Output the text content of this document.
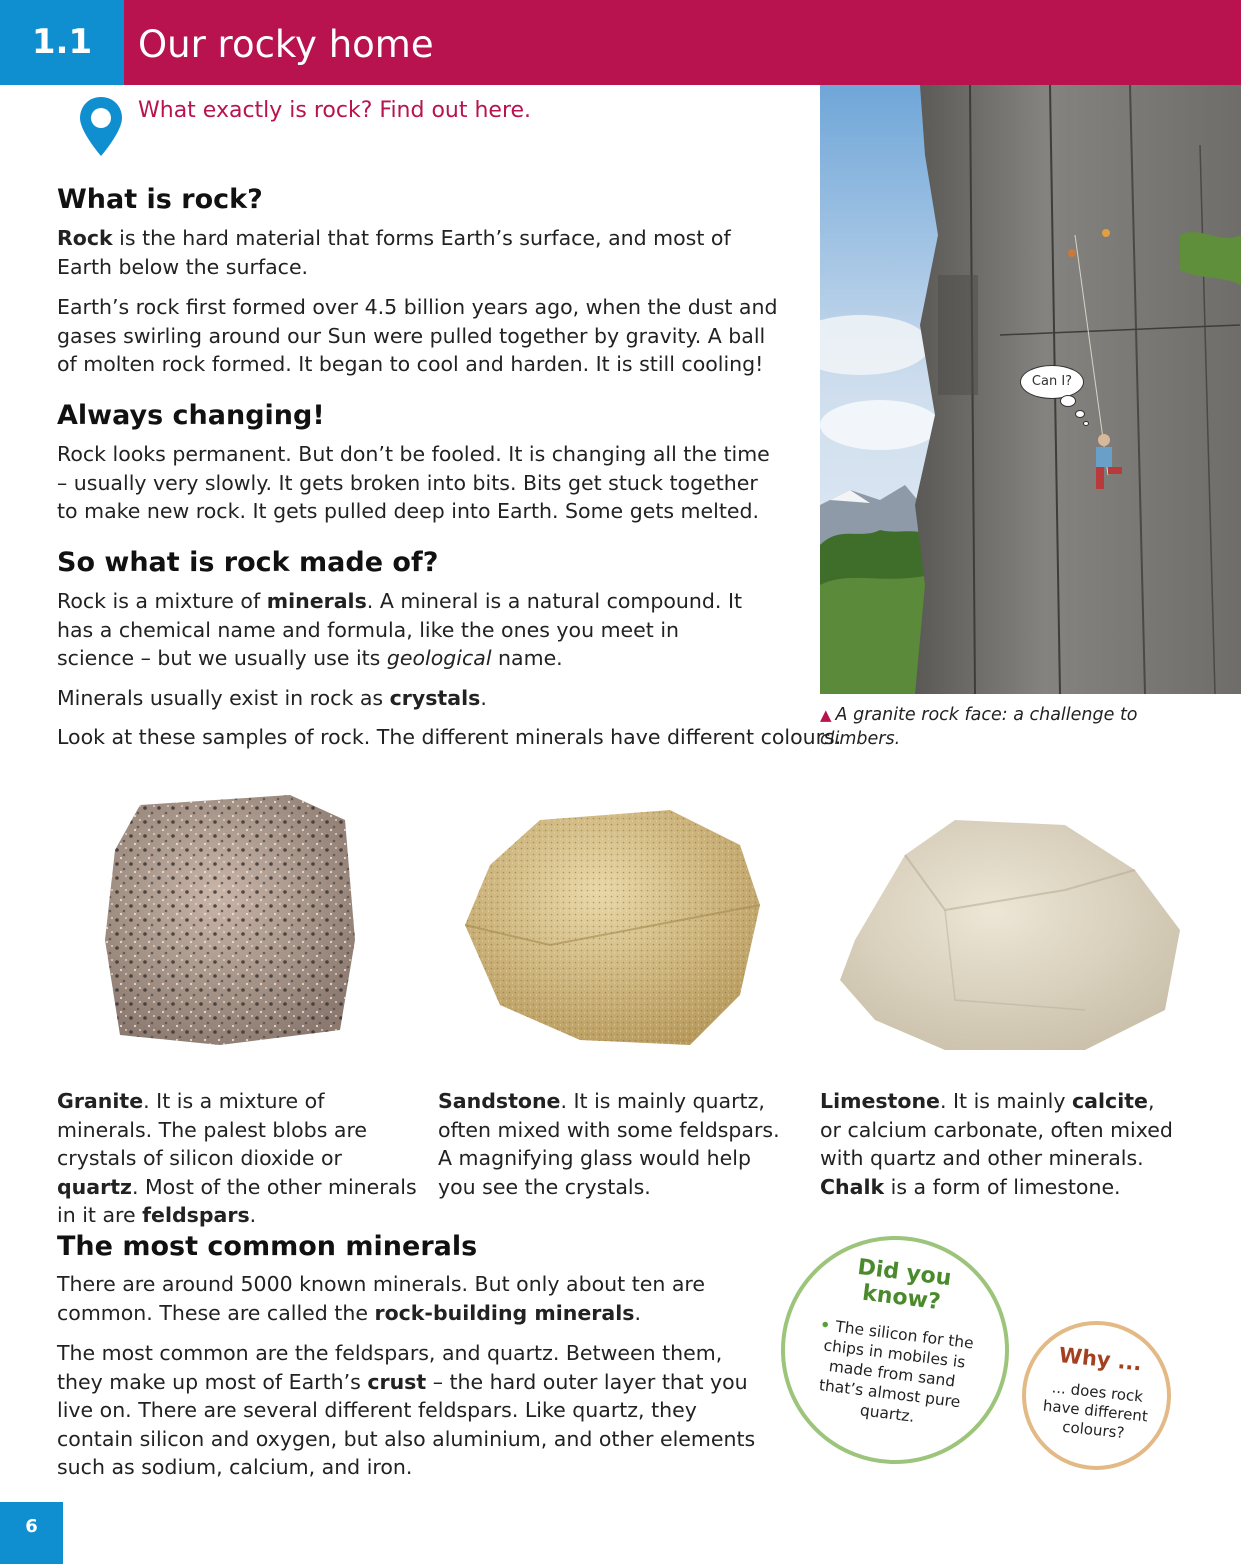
1.1	Our rocky home
What exactly is rock? Find out here.
What is rock?

Rock is the hard material that forms Earth’s surface, and most of Earth below the surface.

Earth’s rock first formed over 4.5 billion years ago, when the dust and gases swirling around our Sun were pulled together by gravity. A ball of molten rock formed. It began to cool and harden. It is still cooling!

Always changing!

Rock looks permanent. But don’t be fooled. It is changing all the time – usually very slowly. It gets broken into bits. Bits get stuck together to make new rock. It gets pulled deep into Earth. Some gets melted.

So what is rock made of?

Rock is a mixture of minerals. A mineral is a natural compound. It has a chemical name and formula, like the ones you meet in science – but we usually use its geological name.

Minerals usually exist in rock as crystals.

Look at these samples of rock. The different minerals have different colours.

Can I?
▲ A granite rock face: a challenge to climbers.

Granite. It is a mixture of minerals. The palest blobs are crystals of silicon dioxide or quartz. Most of the other minerals in it are feldspars.

Sandstone. It is mainly quartz, often mixed with some feldspars. A magnifying glass would help you see the crystals.

Limestone. It is mainly calcite, or calcium carbonate, often mixed with quartz and other minerals. Chalk is a form of limestone.

The most common minerals

There are around 5000 known minerals. But only about ten are common. These are called the rock-building minerals.

The most common are the feldspars, and quartz. Between them, they make up most of Earth’s crust – the hard outer layer that you live on. There are several different feldspars. Like quartz, they contain silicon and oxygen, but also aluminium, and other elements such as sodium, calcium, and iron.

Did you know?
• The silicon for the chips in mobiles is made from sand that’s almost pure quartz.
Why ...
... does rock have different colours?
6
